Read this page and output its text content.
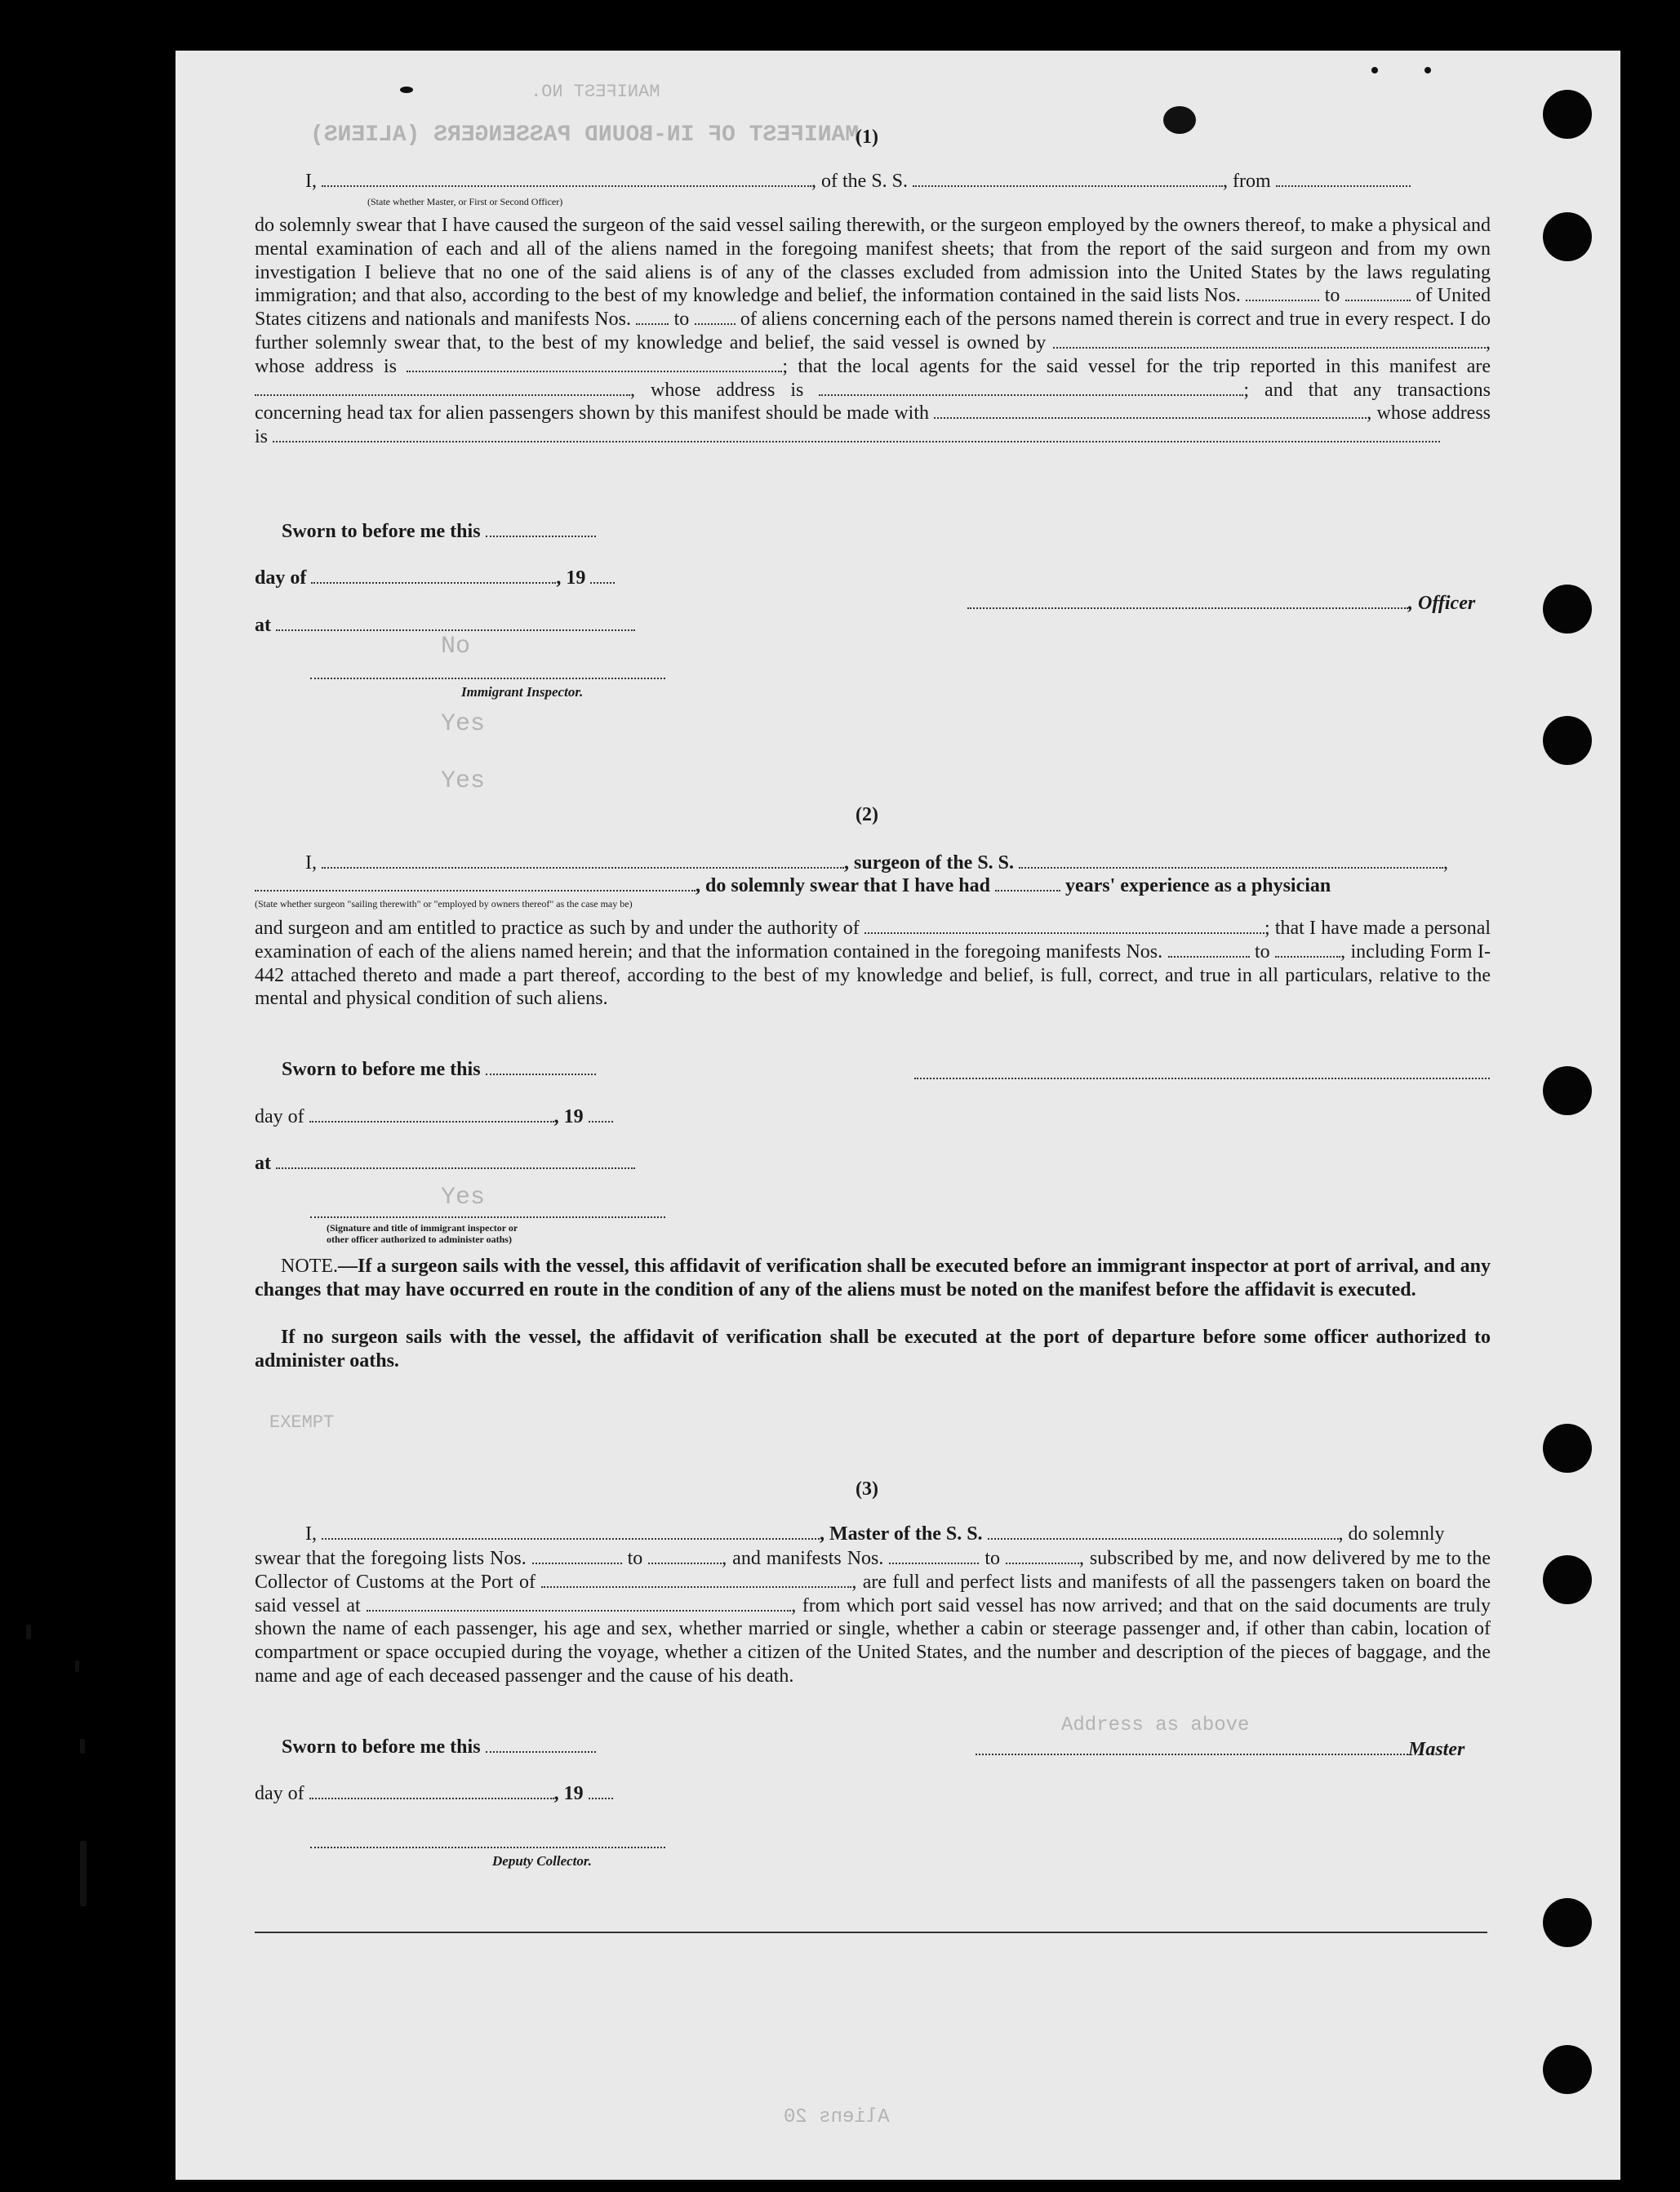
MANIFEST NO.
MANIFEST OF IN-BOUND PASSENGERS (ALIENS)
Yes
Yes
Yes
No
EXEMPT
Aliens 20
Address as above
(1)
I,	, of the S. S.	, from
(State whether Master, or First or Second Officer)
do solemnly swear that I have caused the surgeon of the said vessel sailing therewith, or the surgeon employed by the owners thereof, to make a physical and mental examination of each and all of the aliens named in the foregoing manifest sheets; that from the report of the said surgeon and from my own investigation I believe that no one of the said aliens is of any of the classes excluded from admission into the United States by the laws regulating immigration; and that also, according to the best of my knowledge and belief, the information contained in the said lists Nos.	to	of United States citizens and nationals and manifests Nos. to	of aliens concerning each of the persons named therein is correct and true in every respect. I do further solemnly swear that, to the best of my knowledge and belief, the said vessel is owned by	, whose address is	; that the local agents for the said vessel for the trip reported in this manifest are , whose address is	; and that any transactions concerning head tax for alien passengers shown by this manifest should be made with	, whose address is
Sworn to before me this
day of	, 19
at
, Officer
Immigrant Inspector.
(2)
I,	, surgeon of the S. S.	,
, do solemnly swear that I have had	years' experience as a physician
(State whether surgeon "sailing therewith" or "employed by owners thereof" as the case may be)
and surgeon and am entitled to practice as such by and under the authority of	; that I have made a personal examination of each of the aliens named herein; and that the information contained in the foregoing manifests Nos.	to	, including Form I-442 attached thereto and made a part thereof, according to the best of my knowledge and belief, is full, correct, and true in all particulars, relative to the mental and physical condition of such aliens.
Sworn to before me this
day of	, 19
at
(Signature and title of immigrant inspector or
other officer authorized to administer oaths)
NOTE.—If a surgeon sails with the vessel, this affidavit of verification shall be executed before an immigrant inspector at port of arrival, and any changes that may have occurred en route in the condition of any of the aliens must be noted on the manifest before the affidavit is executed.
If no surgeon sails with the vessel, the affidavit of verification shall be executed at the port of departure before some officer authorized to administer oaths.
(3)
I,	, Master of the S. S.	, do solemnly
swear that the foregoing lists Nos.	to	, and manifests Nos.	to	, subscribed by me, and now delivered by me to the Collector of Customs at the Port of	, are full and perfect lists and manifests of all the passengers taken on board the said vessel at	, from which port said vessel has now arrived; and that on the said documents are truly shown the name of each passenger, his age and sex, whether married or single, whether a cabin or steerage passenger and, if other than cabin, location of compartment or space occupied during the voyage, whether a citizen of the United States, and the number and description of the pieces of baggage, and the name and age of each deceased passenger and the cause of his death.
Sworn to before me this	Master
day of	, 19
Deputy Collector.
